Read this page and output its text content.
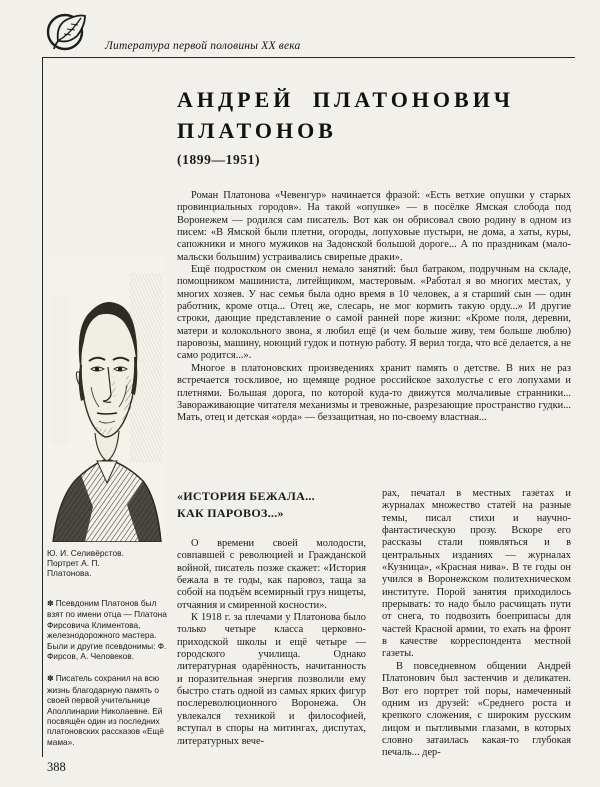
Литература первой половины XX века
АНДРЕЙ ПЛАТОНОВИЧ
ПЛАТОНОВ
(1899—1951)

Роман Платонова «Чевенгур» начинается фразой: «Есть ветхие опушки у старых провинциальных городов». На такой «опушке» — в посёлке Ямская слобода под Воронежем — родился сам писатель. Вот как он обрисовал свою родину в одном из писем: «В Ямской были плетни, огороды, лопуховые пустыри, не дома, а хаты, куры, сапожники и много мужиков на Задонской большой дороге... А по праздникам (мало-мальски большим) устраивались свирепые драки».

Ещё подростком он сменил немало занятий: был батраком, подручным на складе, помощником машиниста, литейщиком, мастеровым. «Работал я во многих местах, у многих хозяев. У нас семья была одно время в 10 человек, а я старший сын — один работник, кроме отца... Отец же, слесарь, не мог кормить такую орду...» И другие строки, дающие представление о самой ранней поре жизни: «Кроме поля, деревни, матери и колокольного звона, я любил ещё (и чем больше живу, тем больше люблю) паровозы, машину, ноющий гудок и потную работу. Я верил тогда, что всё делается, а не само родится...».

Многое в платоновских произведениях хранит память о детстве. В них не раз встречается тоскливое, но щемяще родное российское захолустье с его лопухами и плетнями. Большая дорога, по которой куда-то движутся молчаливые странники... Завораживающие читателя механизмы и тревожные, разрезающие пространство гудки... Мать, отец и детская «орда» — беззащитная, но по-своему властная...

Ю. И. Селивёрстов. Портрет А. П. Платонова.
✽ Псевдоним Платонов был взят по имени отца — Платона Фирсовича Климентова, железнодорожного мастера. Были и другие псевдонимы: Ф. Фирсов, А. Человеков.
✽ Писатель сохранил на всю жизнь благодарную память о своей первой учительнице Аполлинарии Николаевне. Ей посвящён один из последних платоновских рассказов «Ещё мама».
«ИСТОРИЯ БЕЖАЛА...
КАК ПАРОВОЗ...»

О времени своей молодости, совпавшей с революцией и Гражданской войной, писатель позже скажет: «История бежала в те годы, как паровоз, таща за собой на подъём всемирный груз нищеты, отчаяния и смиренной косности».

К 1918 г. за плечами у Платонова было только четыре класса церковно-приходской школы и ещё четыре — городского училища. Однако литературная одарённость, начитанность и поразительная энергия позволили ему быстро стать одной из самых ярких фигур послереволюционного Воронежа. Он увлекался техникой и философией, вступал в споры на митингах, диспутах, литературных вече-

рах, печатал в местных газетах и журналах множество статей на разные темы, писал стихи и научно-фантастическую прозу. Вскоре его рассказы стали появляться и в центральных изданиях — журналах «Кузница», «Красная нива». В те годы он учился в Воронежском политехническом институте. Порой занятия приходилось прерывать: то надо было расчищать пути от снега, то подвозить боеприпасы для частей Красной армии, то ехать на фронт в качестве корреспондента местной газеты.

В повседневном общении Андрей Платонович был застенчив и деликатен. Вот его портрет той поры, намеченный одним из друзей: «Среднего роста и крепкого сложения, с широким русским лицом и пытливыми глазами, в которых словно затаилась какая-то глубокая печаль... дер-

388
